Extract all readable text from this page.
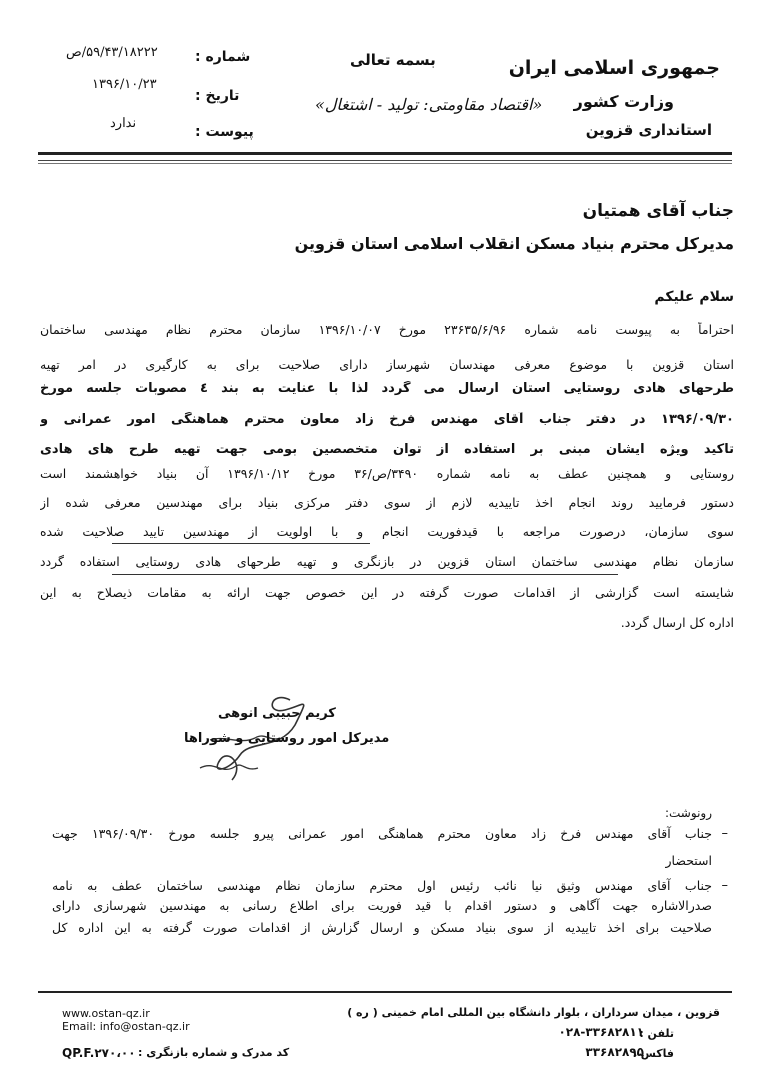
جمهوری اسلامی ایران
وزارت کشور
استانداری قزوین
بسمه تعالی
«اقتصاد مقاومتی: تولید - اشتغال»
شماره :
تاریخ :
پیوست :
۵۹/۴۳/۱۸۲۲۲/ص
۱۳۹۶/۱۰/۲۳
ندارد
جناب آقای همتیان
مدیرکل محترم بنیاد مسکن انقلاب اسلامی استان قزوین
سلام علیکم
احتراماً به پیوست نامه شماره ۲۳۶۳۵/۶/۹۶ مورخ ۱۳۹۶/۱۰/۰۷ سازمان محترم نظام مهندسی ساختمان
استان قزوین با موضوع معرفی مهندسان شهرساز دارای صلاحیت برای به کارگیری در امر تهیه
طرحهای هادی روستایی استان ارسال می گردد لذا با عنایت به بند ٤ مصوبات جلسه مورخ
۱۳۹۶/۰۹/۳۰ در دفتر جناب آقای مهندس فرخ زاد معاون محترم هماهنگی امور عمرانی و
تاکید ویژه ایشان مبنی بر استفاده از توان متخصصین بومی جهت تهیه طرح های هادی
روستایی و همچنین عطف به نامه شماره ۳۴۹۰/ص/۳۶ مورخ ۱۳۹۶/۱۰/۱۲ آن بنیاد خواهشمند است
دستور فرمایید روند انجام اخذ تاییدیه لازم از سوی دفتر مرکزی بنیاد برای مهندسین معرفی شده از
سوی سازمان، درصورت مراجعه با قیدفوریت انجام و با اولویت از مهندسین تایید صلاحیت شده
سازمان نظام مهندسی ساختمان استان قزوین در بازنگری و تهیه طرحهای هادی روستایی استفاده گردد
شایسته است گزارشی از اقدامات صورت گرفته در این خصوص جهت ارائه به مقامات ذیصلاح به این
اداره کل ارسال گردد.
کریم حبیبی انوهی
مدیرکل امور روستایی و شوراها
رونوشت:
–
جناب آقای مهندس فرخ زاد معاون محترم هماهنگی امور عمرانی پیرو جلسه مورخ ۱۳۹۶/۰۹/۳۰ جهت
استحضار
–
جناب آقای مهندس وثیق نیا نائب رئیس اول محترم سازمان نظام مهندسی ساختمان عطف به نامه
صدرالاشاره جهت آگاهی و دستور اقدام با قید فوریت برای اطلاع رسانی به مهندسین شهرسازی دارای
صلاحیت برای اخذ تاییدیه از سوی بنیاد مسکن و ارسال گزارش از اقدامات صورت گرفته به این اداره کل
www.ostan-qz.ir
Email: info@ostan-qz.ir
QP.F.۲۷۰،۰۰ کد مدرک و شماره بازنگری :
قزوین ، میدان سرداران ، بلوار دانشگاه بین المللی امام خمینی ( ره )
تلفن :
۰۲۸-۳۳۶۸۲۸۱۱
فاکس :
۳۳۶۸۲۸۹۵
